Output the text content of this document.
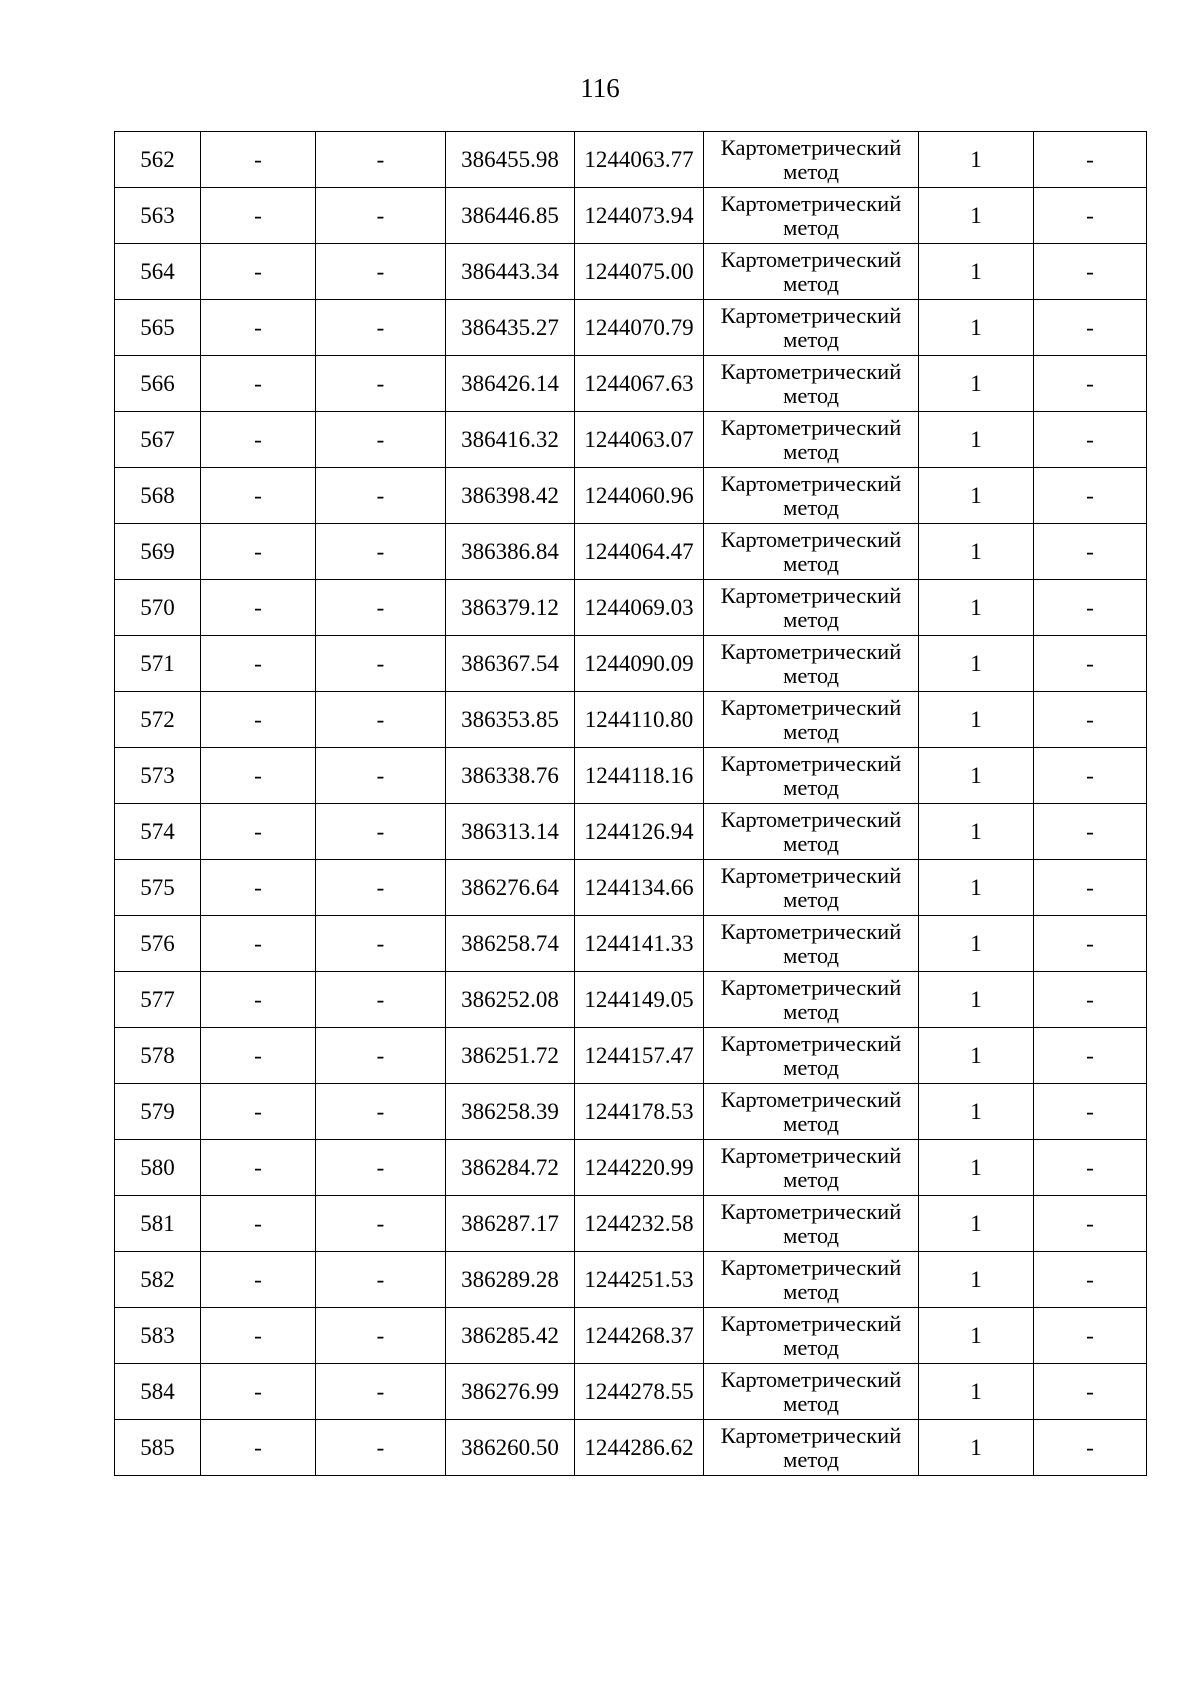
116
562	-	-	386455.98	1244063.77	Картометрический метод	1	-
563	-	-	386446.85	1244073.94	Картометрический метод	1	-
564	-	-	386443.34	1244075.00	Картометрический метод	1	-
565	-	-	386435.27	1244070.79	Картометрический метод	1	-
566	-	-	386426.14	1244067.63	Картометрический метод	1	-
567	-	-	386416.32	1244063.07	Картометрический метод	1	-
568	-	-	386398.42	1244060.96	Картометрический метод	1	-
569	-	-	386386.84	1244064.47	Картометрический метод	1	-
570	-	-	386379.12	1244069.03	Картометрический метод	1	-
571	-	-	386367.54	1244090.09	Картометрический метод	1	-
572	-	-	386353.85	1244110.80	Картометрический метод	1	-
573	-	-	386338.76	1244118.16	Картометрический метод	1	-
574	-	-	386313.14	1244126.94	Картометрический метод	1	-
575	-	-	386276.64	1244134.66	Картометрический метод	1	-
576	-	-	386258.74	1244141.33	Картометрический метод	1	-
577	-	-	386252.08	1244149.05	Картометрический метод	1	-
578	-	-	386251.72	1244157.47	Картометрический метод	1	-
579	-	-	386258.39	1244178.53	Картометрический метод	1	-
580	-	-	386284.72	1244220.99	Картометрический метод	1	-
581	-	-	386287.17	1244232.58	Картометрический метод	1	-
582	-	-	386289.28	1244251.53	Картометрический метод	1	-
583	-	-	386285.42	1244268.37	Картометрический метод	1	-
584	-	-	386276.99	1244278.55	Картометрический метод	1	-
585	-	-	386260.50	1244286.62	Картометрический метод	1	-
